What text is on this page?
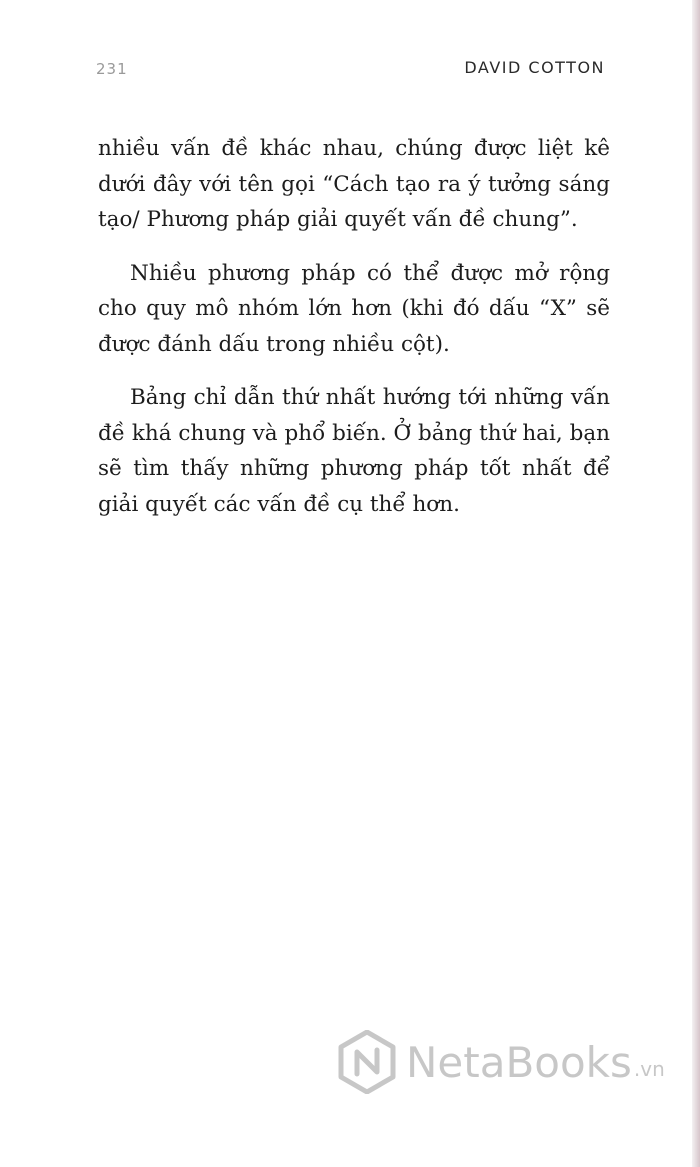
231	DAVID COTTON

nhiều vấn đề khác nhau, chúng được liệt kê dưới đây với tên gọi “Cách tạo ra ý tưởng sáng tạo/ Phương pháp giải quyết vấn đề chung”.

Nhiều phương pháp có thể được mở rộng cho quy mô nhóm lớn hơn (khi đó dấu “X” sẽ được đánh dấu trong nhiều cột).

Bảng chỉ dẫn thứ nhất hướng tới những vấn đề khá chung và phổ biến. Ở bảng thứ hai, bạn sẽ tìm thấy những phương pháp tốt nhất để giải quyết các vấn đề cụ thể hơn.

NetaBooks .vn
